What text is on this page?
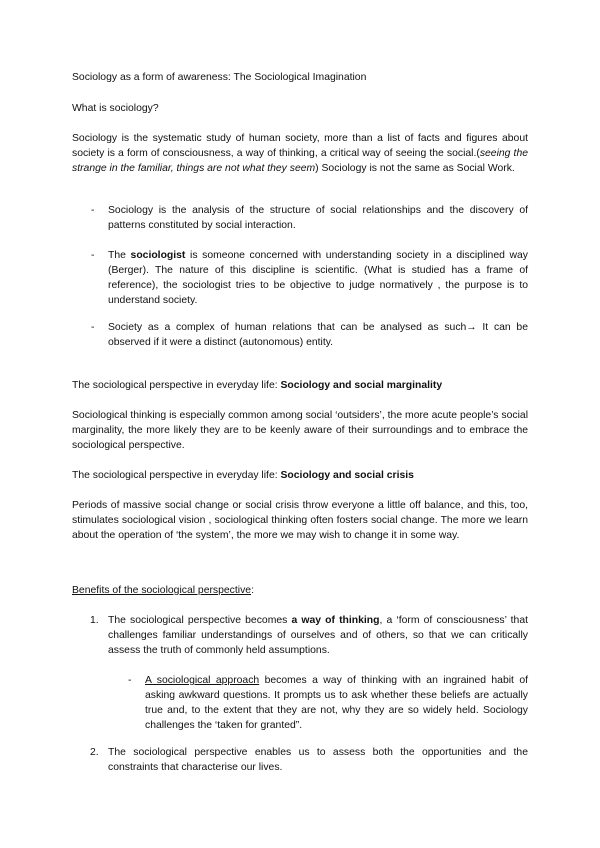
Sociology as a form of awareness: The Sociological Imagination

What is sociology?

Sociology is the systematic study of human society, more than a list of facts and figures about society is a form of consciousness, a way of thinking, a critical way of seeing the social.(seeing the strange in the familiar, things are not what they seem) Sociology is not the same as Social Work.

- Sociology is the analysis of the structure of social relationships and the discovery of patterns constituted by social interaction.
- The sociologist is someone concerned with understanding society in a disciplined way (Berger). The nature of this discipline is scientific. (What is studied has a frame of reference), the sociologist tries to be objective to judge normatively , the purpose is to understand society.
- Society as a complex of human relations that can be analysed as such→ It can be observed if it were a distinct (autonomous) entity.

The sociological perspective in everyday life: Sociology and social marginality

Sociological thinking is especially common among social ‘outsiders’, the more acute people’s social marginality, the more likely they are to be keenly aware of their surroundings and to embrace the sociological perspective.

The sociological perspective in everyday life: Sociology and social crisis

Periods of massive social change or social crisis throw everyone a little off balance, and this, too, stimulates sociological vision , sociological thinking often fosters social change. The more we learn about the operation of ‘the system’, the more we may wish to change it in some way.

Benefits of the sociological perspective:

1. The sociological perspective becomes a way of thinking, a ‘form of consciousness’ that challenges familiar understandings of ourselves and of others, so that we can critically assess the truth of commonly held assumptions.
- A sociological approach becomes a way of thinking with an ingrained habit of asking awkward questions. It prompts us to ask whether these beliefs are actually true and, to the extent that they are not, why they are so widely held. Sociology challenges the ‘taken for granted”.
2. The sociological perspective enables us to assess both the opportunities and the constraints that characterise our lives.
